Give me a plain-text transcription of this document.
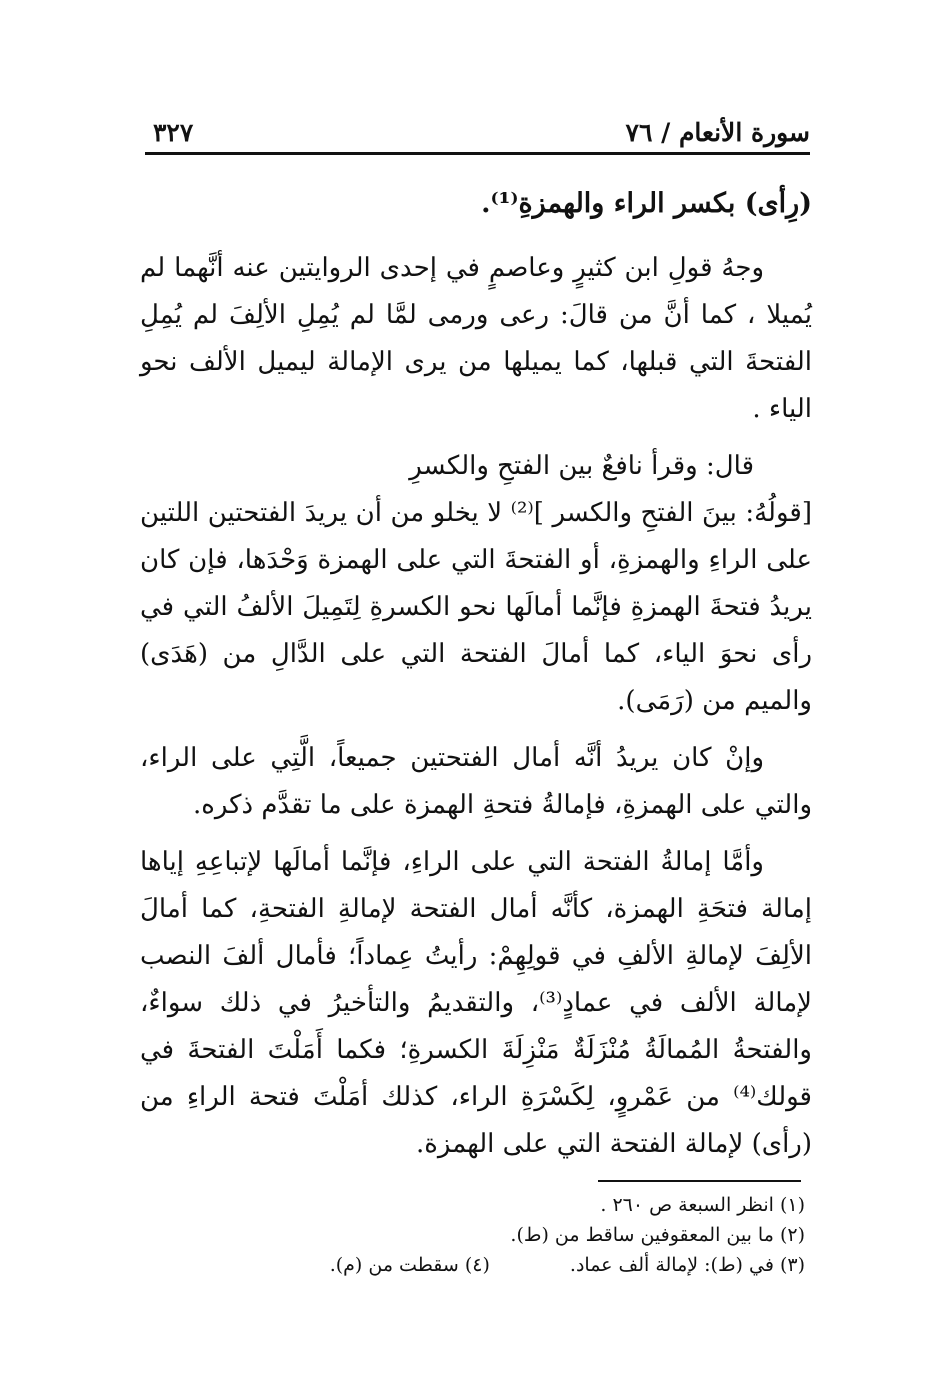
سورة الأنعام / ٧٦
٣٢٧

(رِأى) بكسر الراء والهمزةِ⁽¹⁾.

وجهُ قولِ ابن كثيرٍ وعاصمٍ في إحدى الروايتين عنه أنَّهما لم يُميلا ، كما أنَّ من قالَ: رعى ورمى لمَّا لم يُمِلِ الألِفَ لم يُمِلِ الفتحةَ التي قبلها، كما يميلها من يرى الإمالة ليميل الألف نحو الياء .

قال: وقرأ نافعٌ بين الفتحِ والكسرِ

[قولُهُ: بينَ الفتحِ والكسر ]⁽²⁾ لا يخلو من أن يريدَ الفتحتين اللتين على الراءِ والهمزةِ، أو الفتحةَ التي على الهمزة وَحْدَها، فإن كان يريدُ فتحةَ الهمزةِ فإنَّما أمالَها نحو الكسرةِ لِتَمِيلَ الألفُ التي في رأى نحوَ الياء، كما أمالَ الفتحة التي على الدَّالِ من (هَدَى) والميم من (رَمَى).

وإنْ كان يريدُ أنَّه أمال الفتحتين جميعاً، الَّتِي على الراء، والتي على الهمزةِ، فإمالةُ فتحةِ الهمزة على ما تقدَّم ذكره.

وأمَّا إمالةُ الفتحة التي على الراءِ، فإنَّما أمالَها لإتباعِهِ إياها إمالة فتحَةِ الهمزة، كأنَّه أمال الفتحة لإمالةِ الفتحةِ، كما أمالَ الألِفَ لإمالةِ الألفِ في قولِهِمْ: رأيتُ عِماداً؛ فأمال ألفَ النصب لإمالة الألف في عمادٍ⁽³⁾، والتقديمُ والتأخيرُ في ذلك سواءٌ، والفتحةُ المُمالَةُ مُنْزَلَةٌ مَنْزِلَةَ الكسرةِ؛ فكما أَمَلْتَ الفتحةَ في قولك⁽⁴⁾ من عَمْروٍ، لِكَسْرَةِ الراء، كذلك أمَلْتَ فتحة الراءِ من (رأى) لإمالة الفتحة التي على الهمزة.

(١) انظر السبعة ص ٢٦٠ .
(٢) ما بين المعقوفين ساقط من (ط).
(٣) في (ط): لإمالة ألف عماد.(٤) سقطت من (م).
